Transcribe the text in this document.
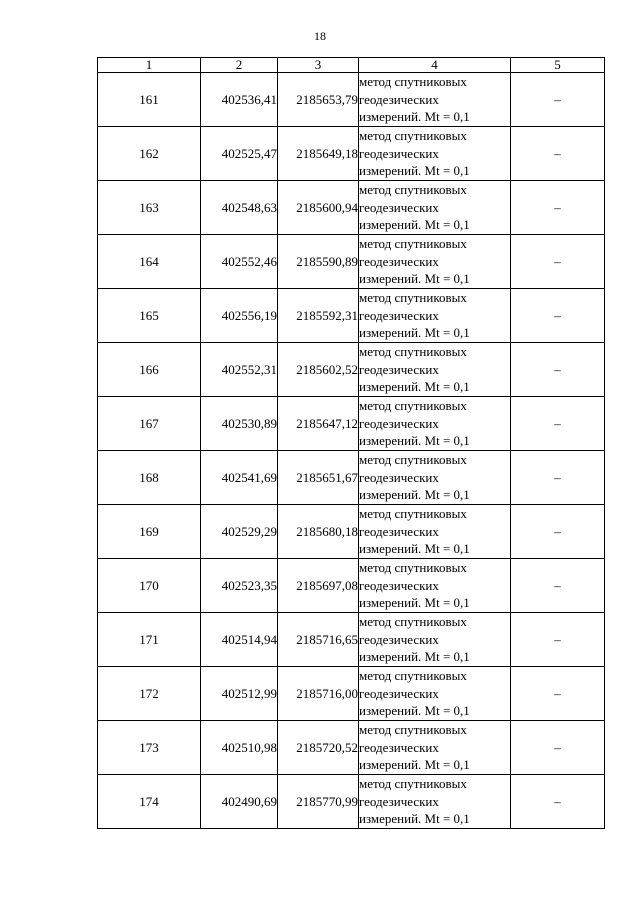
18
1	2	3	4	5
161	402536,41	2185653,79	метод спутниковых
геодезических
измерений. Mt = 0,1	–
162	402525,47	2185649,18	метод спутниковых
геодезических
измерений. Mt = 0,1	–
163	402548,63	2185600,94	метод спутниковых
геодезических
измерений. Mt = 0,1	–
164	402552,46	2185590,89	метод спутниковых
геодезических
измерений. Mt = 0,1	–
165	402556,19	2185592,31	метод спутниковых
геодезических
измерений. Mt = 0,1	–
166	402552,31	2185602,52	метод спутниковых
геодезических
измерений. Mt = 0,1	–
167	402530,89	2185647,12	метод спутниковых
геодезических
измерений. Mt = 0,1	–
168	402541,69	2185651,67	метод спутниковых
геодезических
измерений. Mt = 0,1	–
169	402529,29	2185680,18	метод спутниковых
геодезических
измерений. Mt = 0,1	–
170	402523,35	2185697,08	метод спутниковых
геодезических
измерений. Mt = 0,1	–
171	402514,94	2185716,65	метод спутниковых
геодезических
измерений. Mt = 0,1	–
172	402512,99	2185716,00	метод спутниковых
геодезических
измерений. Mt = 0,1	–
173	402510,98	2185720,52	метод спутниковых
геодезических
измерений. Mt = 0,1	–
174	402490,69	2185770,99	метод спутниковых
геодезических
измерений. Mt = 0,1	–
